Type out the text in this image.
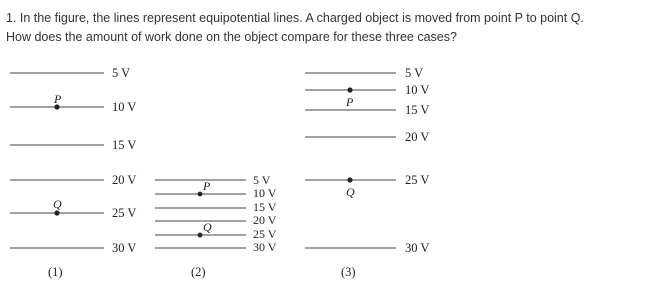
1. In the figure, the lines represent equipotential lines. A charged object is moved from point P to point Q.
How does the amount of work done on the object compare for these three cases?
P
Q
5 V
10 V
15 V
20 V
25 V
30 V
(1)
P
Q
5 V
10 V
15 V
20 V
25 V
30 V
(2)
P
Q
5 V
10 V
15 V
20 V
25 V
30 V
(3)
